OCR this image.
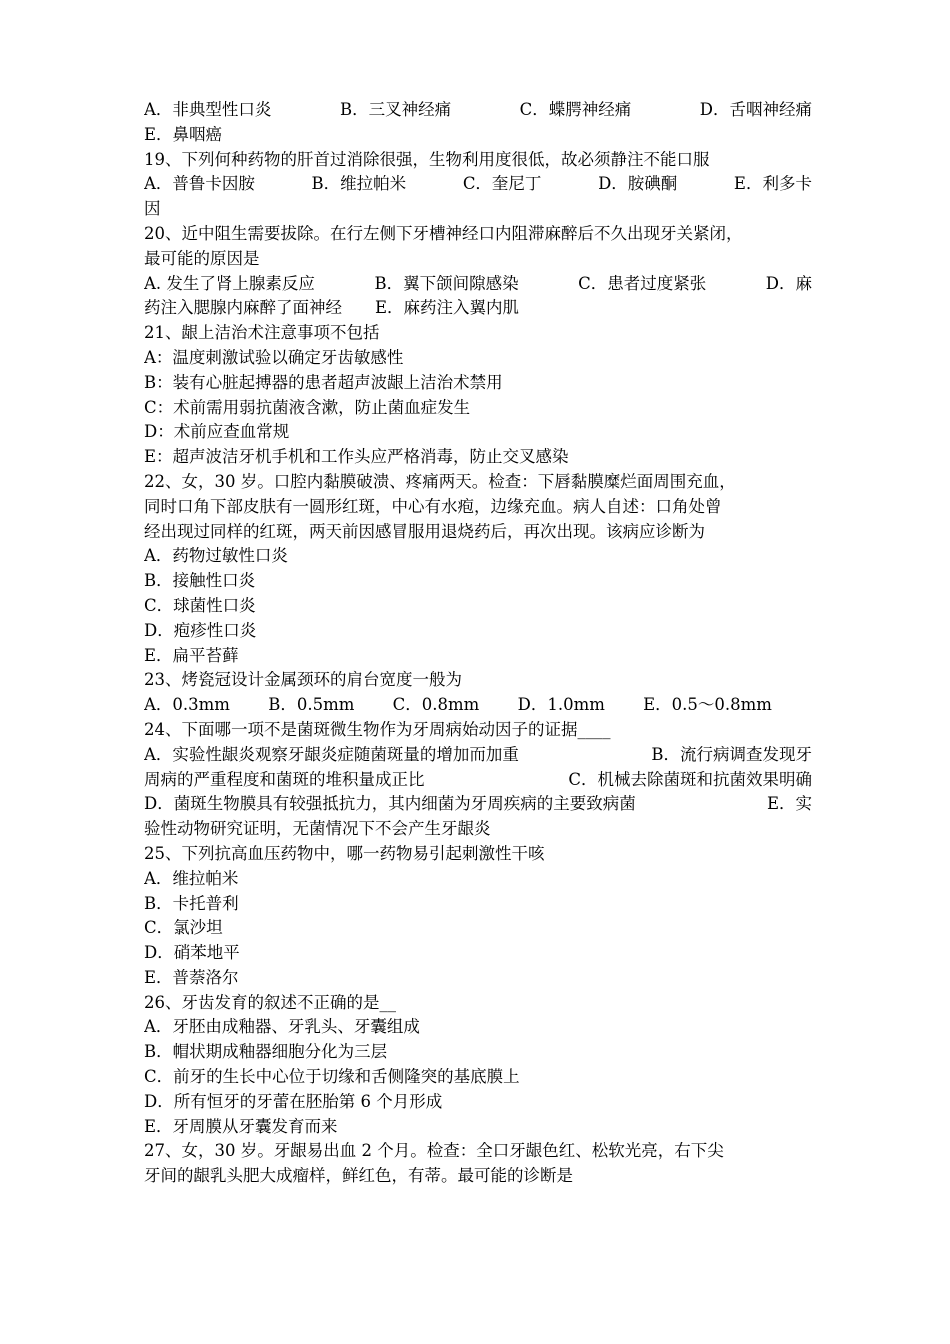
A．非典型性口炎	B．三叉神经痛	C．蝶腭神经痛	D．舌咽神经痛
E．鼻咽癌
19、下列何种药物的肝首过消除很强，生物利用度很低，故必须静注不能口服
A．普鲁卡因胺	B．维拉帕米	C．奎尼丁	D．胺碘酮	E．利多卡
因
20、近中阻生需要拔除。在行左侧下牙槽神经口内阻滞麻醉后不久出现牙关紧闭，
最可能的原因是
A. 发生了肾上腺素反应	B．翼下颌间隙感染	C．患者过度紧张	D．麻
药注入腮腺内麻醉了面神经　　E．麻药注入翼内肌
21、龈上洁治术注意事项不包括
A：温度刺激试验以确定牙齿敏感性
B：装有心脏起搏器的患者超声波龈上洁治术禁用
C：术前需用弱抗菌液含漱，防止菌血症发生
D：术前应查血常规
E：超声波洁牙机手机和工作头应严格消毒，防止交叉感染
22、女，30 岁。口腔内黏膜破溃、疼痛两天。检查：下唇黏膜糜烂面周围充血，
同时口角下部皮肤有一圆形红斑，中心有水疱，边缘充血。病人自述：口角处曾
经出现过同样的红斑，两天前因感冒服用退烧药后，再次出现。该病应诊断为
A．药物过敏性口炎
B．接触性口炎
C．球菌性口炎
D．疱疹性口炎
E．扁平苔藓
23、烤瓷冠设计金属颈环的肩台宽度一般为
A．0.3mm B．0.5mm C．0.8mm D．1.0mm E．0.5～0.8mm
24、下面哪一项不是菌斑微生物作为牙周病始动因子的证据____
A．实验性龈炎观察牙龈炎症随菌斑量的增加而加重	B．流行病调查发现牙
周病的严重程度和菌斑的堆积量成正比	C．机械去除菌斑和抗菌效果明确
D．菌斑生物膜具有较强抵抗力，其内细菌为牙周疾病的主要致病菌	E．实
验性动物研究证明，无菌情况下不会产生牙龈炎
25、下列抗高血压药物中，哪一药物易引起刺激性干咳
A．维拉帕米
B．卡托普利
C．氯沙坦
D．硝苯地平
E．普萘洛尔
26、牙齿发育的叙述不正确的是__
A．牙胚由成釉器、牙乳头、牙囊组成
B．帽状期成釉器细胞分化为三层
C．前牙的生长中心位于切缘和舌侧隆突的基底膜上
D．所有恒牙的牙蕾在胚胎第 6 个月形成
E．牙周膜从牙囊发育而来
27、女，30 岁。牙龈易出血 2 个月。检查：全口牙龈色红、松软光亮，右下尖
牙间的龈乳头肥大成瘤样，鲜红色，有蒂。最可能的诊断是
